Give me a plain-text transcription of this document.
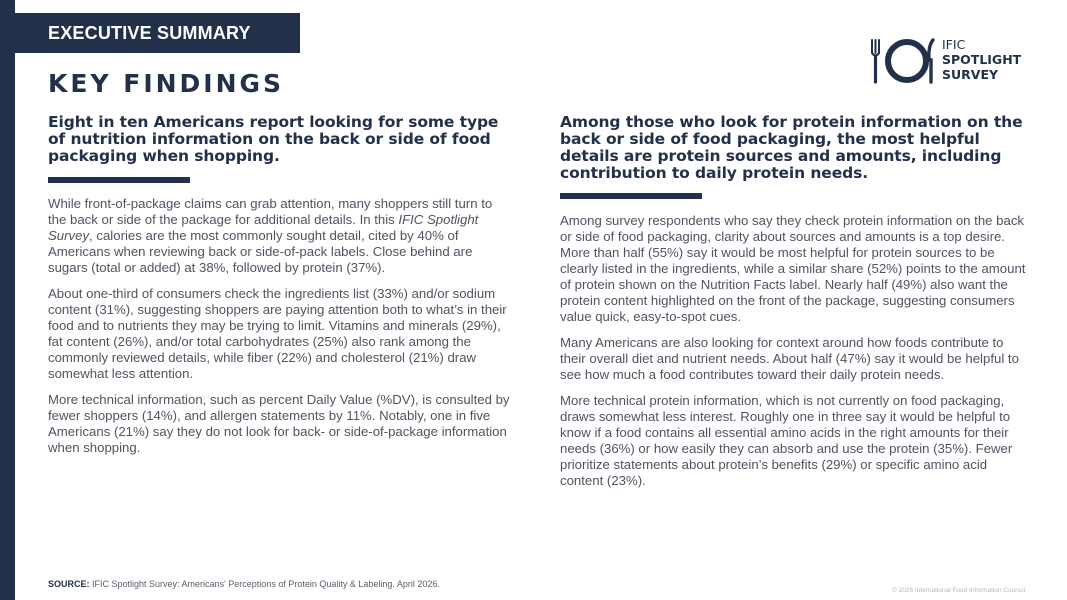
EXECUTIVE SUMMARY
KEY FINDINGS
IFIC
SPOTLIGHT
SURVEY
Eight in ten Americans report looking for some type of nutrition information on the back or side of food packaging when shopping.

While front-of-package claims can grab attention, many shoppers still turn to the back or side of the package for additional details. In this IFIC Spotlight Survey, calories are the most commonly sought detail, cited by 40% of Americans when reviewing back or side-of-pack labels. Close behind are sugars (total or added) at 38%, followed by protein (37%).

About one-third of consumers check the ingredients list (33%) and/or sodium content (31%), suggesting shoppers are paying attention both to what’s in their food and to nutrients they may be trying to limit. Vitamins and minerals (29%), fat content (26%), and/or total carbohydrates (25%) also rank among the commonly reviewed details, while fiber (22%) and cholesterol (21%) draw somewhat less attention.

More technical information, such as percent Daily Value (%DV), is consulted by fewer shoppers (14%), and allergen statements by 11%. Notably, one in five Americans (21%) say they do not look for back- or side-of-package information when shopping.

Among those who look for protein information on the back or side of food packaging, the most helpful details are protein sources and amounts, including contribution to daily protein needs.

Among survey respondents who say they check protein information on the back or side of food packaging, clarity about sources and amounts is a top desire. More than half (55%) say it would be most helpful for protein sources to be clearly listed in the ingredients, while a similar share (52%) points to the amount of protein shown on the Nutrition Facts label. Nearly half (49%) also want the protein content highlighted on the front of the package, suggesting consumers value quick, easy-to-spot cues.

Many Americans are also looking for context around how foods contribute to their overall diet and nutrient needs. About half (47%) say it would be helpful to see how much a food contributes toward their daily protein needs.

More technical protein information, which is not currently on food packaging, draws somewhat less interest. Roughly one in three say it would be helpful to know if a food contains all essential amino acids in the right amounts for their needs (36%) or how easily they can absorb and use the protein (35%). Fewer prioritize statements about protein’s benefits (29%) or specific amino acid content (23%).

SOURCE: IFIC Spotlight Survey: Americans' Perceptions of Protein Quality & Labeling. April 2026.
© 2026 International Food Information Council
